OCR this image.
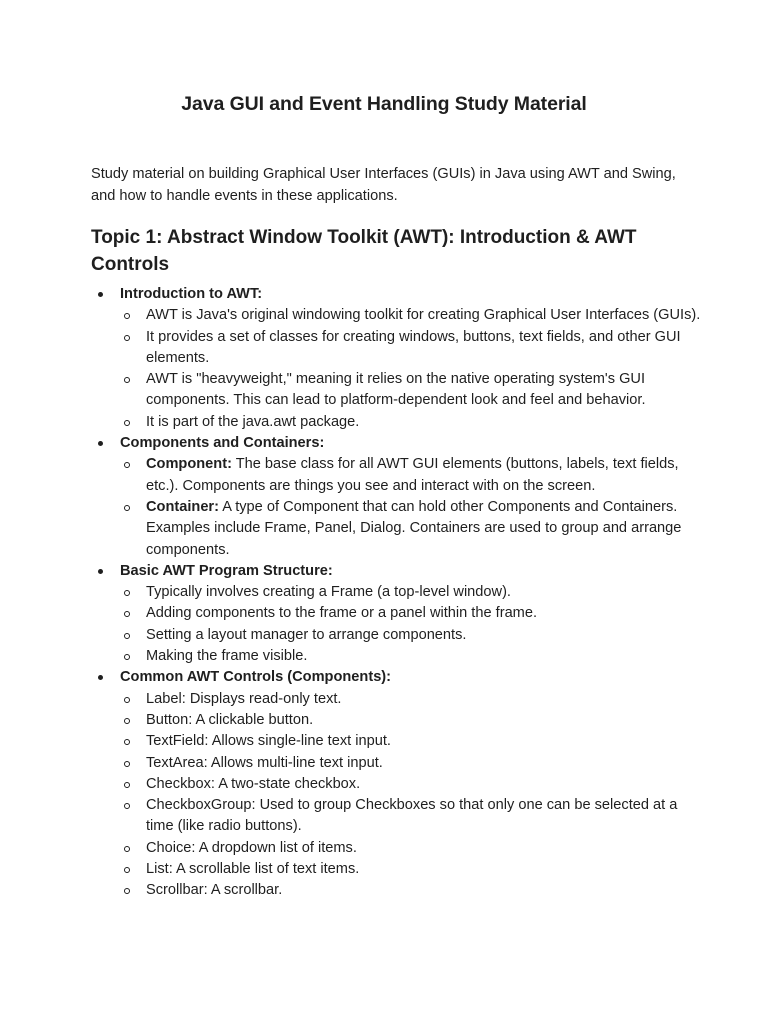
Java GUI and Event Handling Study Material

Study material on building Graphical User Interfaces (GUIs) in Java using AWT and Swing, and how to handle events in these applications.

Topic 1: Abstract Window Toolkit (AWT): Introduction & AWT Controls
Introduction to AWT:
AWT is Java's original windowing toolkit for creating Graphical User Interfaces (GUIs).
It provides a set of classes for creating windows, buttons, text fields, and other GUI elements.
AWT is "heavyweight," meaning it relies on the native operating system's GUI components. This can lead to platform-dependent look and feel and behavior.
It is part of the java.awt package.
Components and Containers:
Component: The base class for all AWT GUI elements (buttons, labels, text fields, etc.). Components are things you see and interact with on the screen.
Container: A type of Component that can hold other Components and Containers. Examples include Frame, Panel, Dialog. Containers are used to group and arrange components.
Basic AWT Program Structure:
Typically involves creating a Frame (a top-level window).
Adding components to the frame or a panel within the frame.
Setting a layout manager to arrange components.
Making the frame visible.
Common AWT Controls (Components):
Label: Displays read-only text.
Button: A clickable button.
TextField: Allows single-line text input.
TextArea: Allows multi-line text input.
Checkbox: A two-state checkbox.
CheckboxGroup: Used to group Checkboxes so that only one can be selected at a time (like radio buttons).
Choice: A dropdown list of items.
List: A scrollable list of text items.
Scrollbar: A scrollbar.
